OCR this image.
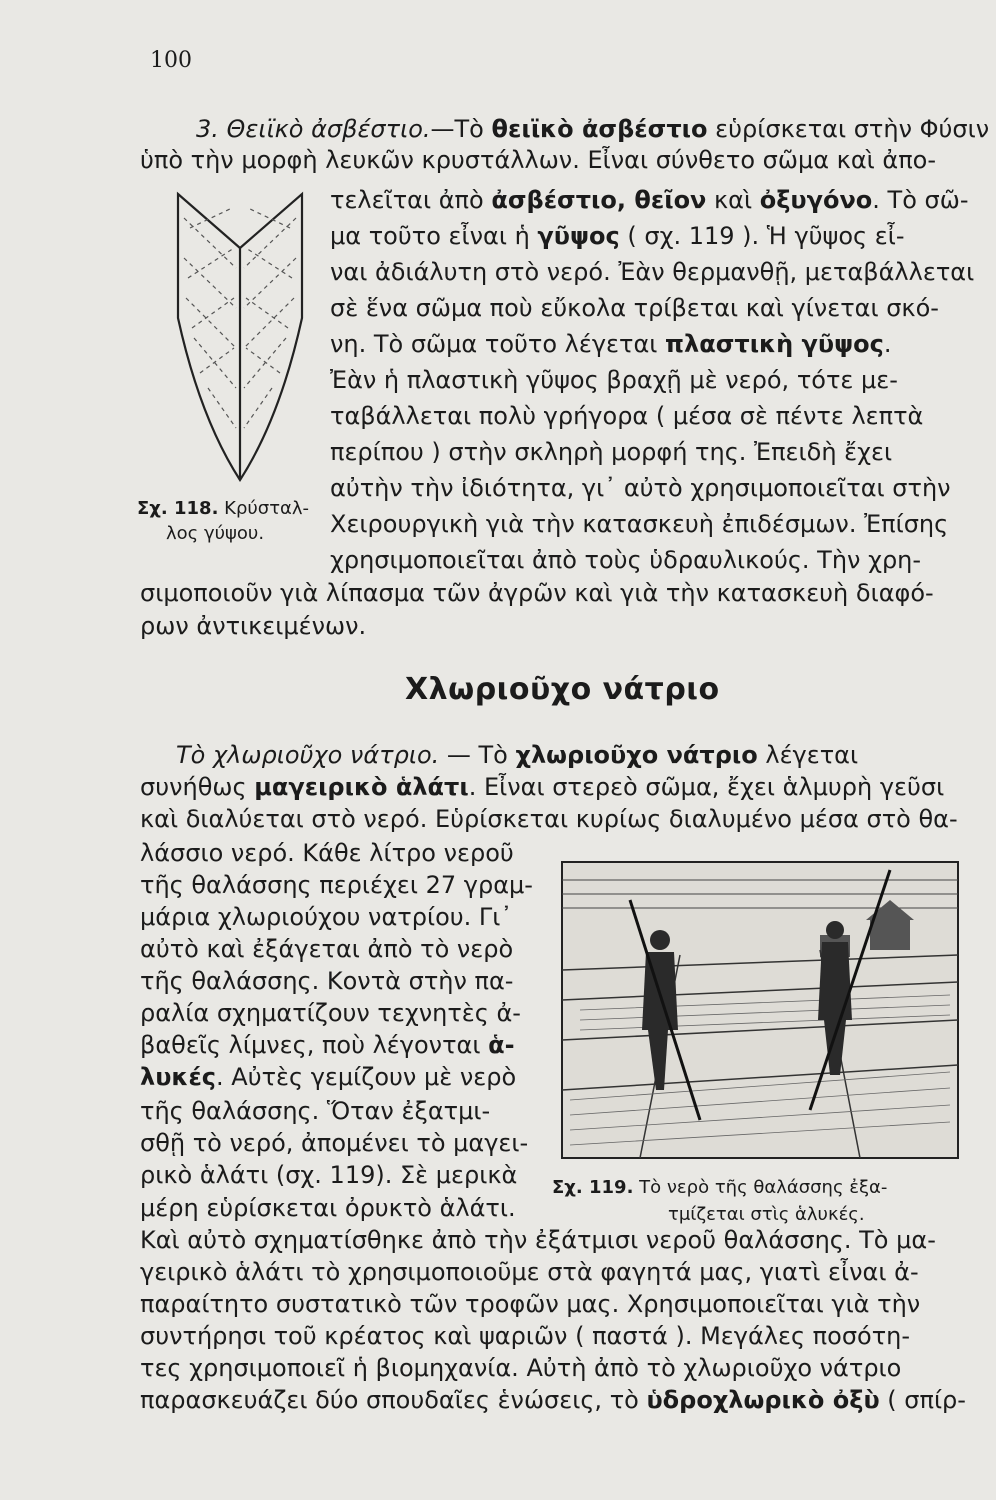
100
3. Θειϊκὸ ἀσβέστιο.—Τὸ θειϊκὸ ἀσβέστιο εὑρίσκεται στὴν Φύσιν
ὑπὸ τὴν μορφὴ λευκῶν κρυστάλλων. Εἶναι σύνθετο σῶμα καὶ ἀπο-
τελεῖται ἀπὸ ἀσβέστιο, θεῖον καὶ ὀξυγόνο. Τὸ σῶ-
μα τοῦτο εἶναι ἡ γῦψος ( σχ. 119 ). Ἡ γῦψος εἶ-
ναι ἀδιάλυτη στὸ νερό. Ἐὰν θερμανθῇ, μεταβάλλεται
σὲ ἕνα σῶμα ποὺ εὔκολα τρίβεται καὶ γίνεται σκό-
νη. Τὸ σῶμα τοῦτο λέγεται πλαστικὴ γῦψος.
Ἐὰν ἡ πλαστικὴ γῦψος βραχῇ μὲ νερό, τότε με-
ταβάλλεται πολὺ γρήγορα ( μέσα σὲ πέντε λεπτὰ
περίπου ) στὴν σκληρὴ μορφή της. Ἐπειδὴ ἔχει
αὐτὴν τὴν ἰδιότητα, γι᾿ αὐτὸ χρησιμοποιεῖται στὴν
Χειρουργικὴ γιὰ τὴν κατασκευὴ ἐπιδέσμων. Ἐπίσης
χρησιμοποιεῖται ἀπὸ τοὺς ὑδραυλικούς. Τὴν χρη-
σιμοποιοῦν γιὰ λίπασμα τῶν ἀγρῶν καὶ γιὰ τὴν κατασκευὴ διαφό-
ρων ἀντικειμένων.
Σχ. 118. Κρύσταλ-
λος γύψου.
Χλωριοῦχο νάτριο
Τὸ χλωριοῦχο νάτριο. — Τὸ χλωριοῦχο νάτριο λέγεται
συνήθως μαγειρικὸ ἁλάτι. Εἶναι στερεὸ σῶμα, ἔχει ἁλμυρὴ γεῦσι
καὶ διαλύεται στὸ νερό. Εὑρίσκεται κυρίως διαλυμένο μέσα στὸ θα-
λάσσιο νερό. Κάθε λίτρο νεροῦ
τῆς θαλάσσης περιέχει 27 γραμ-
μάρια χλωριούχου νατρίου. Γι᾿
αὐτὸ καὶ ἐξάγεται ἀπὸ τὸ νερὸ
τῆς θαλάσσης. Κοντὰ στὴν πα-
ραλία σχηματίζουν τεχνητὲς ἀ-
βαθεῖς λίμνες, ποὺ λέγονται ἁ-
λυκές. Αὐτὲς γεμίζουν μὲ νερὸ
τῆς θαλάσσης. Ὅταν ἐξατμι-
σθῇ τὸ νερό, ἀπομένει τὸ μαγει-
ρικὸ ἁλάτι (σχ. 119). Σὲ μερικὰ
μέρη εὑρίσκεται ὀρυκτὸ ἁλάτι.
Καὶ αὐτὸ σχηματίσθηκε ἀπὸ τὴν ἐξάτμισι νεροῦ θαλάσσης. Τὸ μα-
γειρικὸ ἁλάτι τὸ χρησιμοποιοῦμε στὰ φαγητά μας, γιατὶ εἶναι ἀ-
παραίτητο συστατικὸ τῶν τροφῶν μας. Χρησιμοποιεῖται γιὰ τὴν
συντήρησι τοῦ κρέατος καὶ ψαριῶν ( παστά ). Μεγάλες ποσότη-
τες χρησιμοποιεῖ ἡ βιομηχανία. Αὐτὴ ἀπὸ τὸ χλωριοῦχο νάτριο
παρασκευάζει δύο σπουδαῖες ἑνώσεις, τὸ ὑδροχλωρικὸ ὀξὺ ( σπίρ-
Σχ. 119. Τὸ νερὸ τῆς θαλάσσης ἐξα-
τμίζεται στὶς ἁλυκές.
